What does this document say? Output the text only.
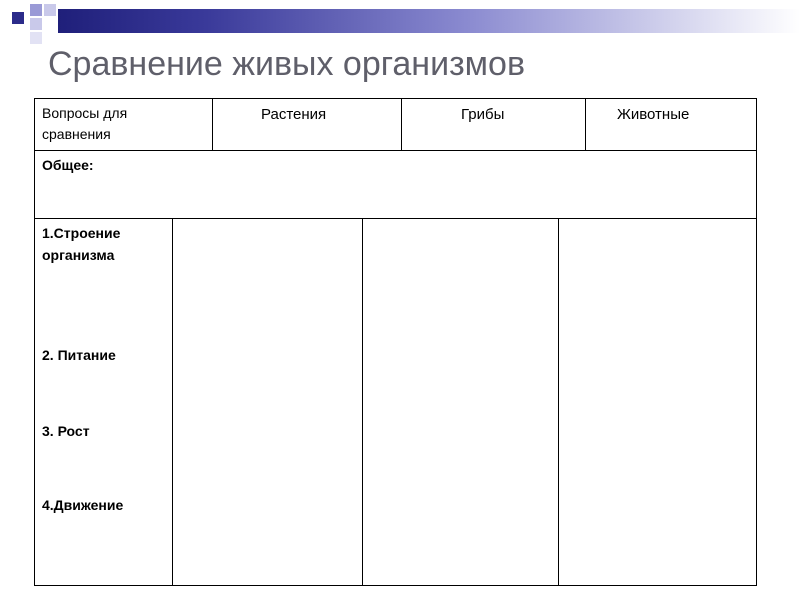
Сравнение живых организмов
Вопросы для
сравнения
Растения	Грибы	Животные
Общее:
1.Строение
организма
2. Питание
3. Рост
4.Движение
